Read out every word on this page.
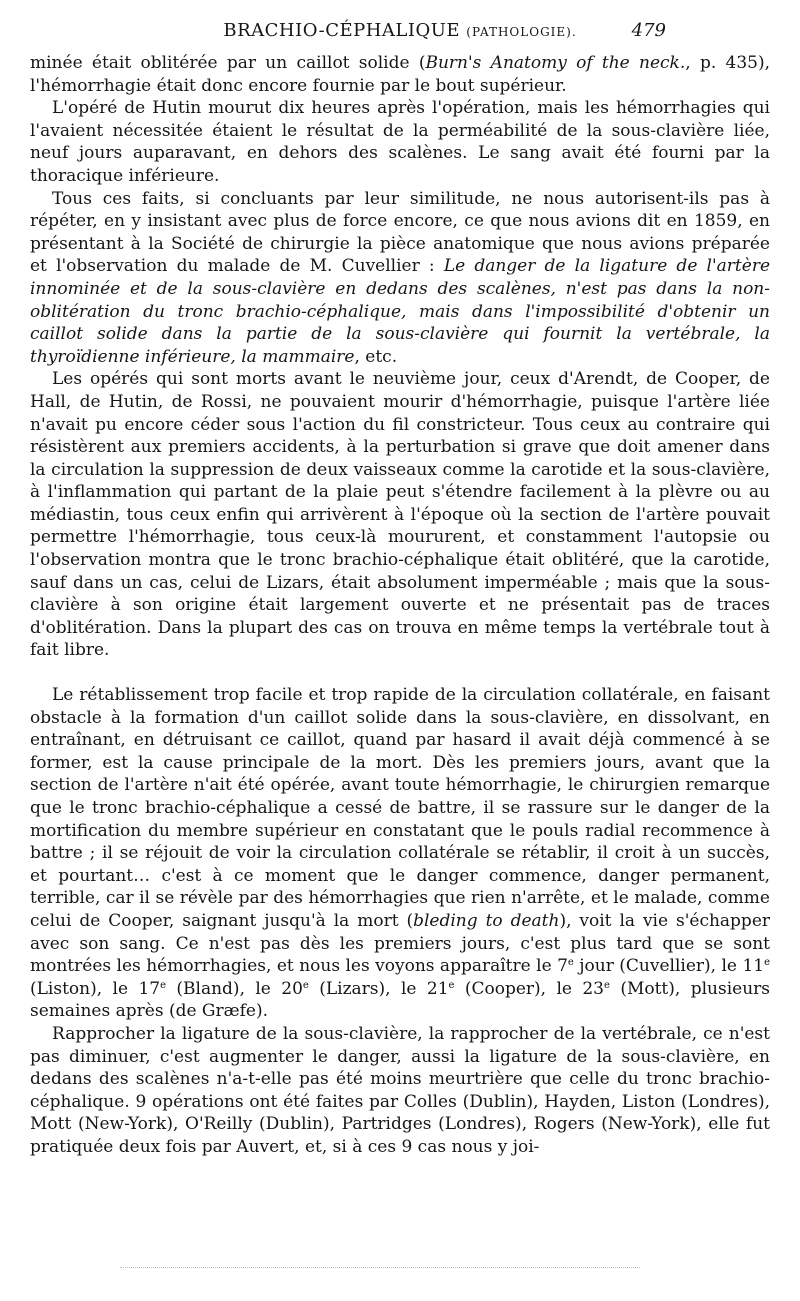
BRACHIO-CÉPHALIQUE (PATHOLOGIE).	479

minée était oblitérée par un caillot solide (Burn's Anatomy of the neck., p. 435), l'hémorrhagie était donc encore fournie par le bout supérieur.

L'opéré de Hutin mourut dix heures après l'opération, mais les hémorrhagies qui l'avaient nécessitée étaient le résultat de la perméabilité de la sous-clavière liée, neuf jours auparavant, en dehors des scalènes. Le sang avait été fourni par la thoracique inférieure.

Tous ces faits, si concluants par leur similitude, ne nous autorisent-ils pas à répéter, en y insistant avec plus de force encore, ce que nous avions dit en 1859, en présentant à la Société de chirurgie la pièce anatomique que nous avions préparée et l'observation du malade de M. Cuvellier : Le danger de la ligature de l'artère innominée et de la sous-clavière en dedans des scalènes, n'est pas dans la non-oblitération du tronc brachio-céphalique, mais dans l'impossibilité d'obtenir un caillot solide dans la partie de la sous-clavière qui fournit la vertébrale, la thyroïdienne inférieure, la mammaire, etc.

Les opérés qui sont morts avant le neuvième jour, ceux d'Arendt, de Cooper, de Hall, de Hutin, de Rossi, ne pouvaient mourir d'hémorrhagie, puisque l'artère liée n'avait pu encore céder sous l'action du fil constricteur. Tous ceux au contraire qui résistèrent aux premiers accidents, à la perturbation si grave que doit amener dans la circulation la suppression de deux vaisseaux comme la carotide et la sous-clavière, à l'inflammation qui partant de la plaie peut s'étendre facilement à la plèvre ou au médiastin, tous ceux enfin qui arrivèrent à l'époque où la section de l'artère pouvait permettre l'hémorrhagie, tous ceux-là moururent, et constamment l'autopsie ou l'observation montra que le tronc brachio-céphalique était oblitéré, que la carotide, sauf dans un cas, celui de Lizars, était absolument imperméable ; mais que la sous-clavière à son origine était largement ouverte et ne présentait pas de traces d'oblitération. Dans la plupart des cas on trouva en même temps la vertébrale tout à fait libre.

Le rétablissement trop facile et trop rapide de la circulation collatérale, en faisant obstacle à la formation d'un caillot solide dans la sous-clavière, en dissolvant, en entraînant, en détruisant ce caillot, quand par hasard il avait déjà commencé à se former, est la cause principale de la mort. Dès les premiers jours, avant que la section de l'artère n'ait été opérée, avant toute hémorrhagie, le chirurgien remarque que le tronc brachio-céphalique a cessé de battre, il se rassure sur le danger de la mortification du membre supérieur en constatant que le pouls radial recommence à battre ; il se réjouit de voir la circulation collatérale se rétablir, il croit à un succès, et pourtant… c'est à ce moment que le danger commence, danger permanent, terrible, car il se révèle par des hémorrhagies que rien n'arrête, et le malade, comme celui de Cooper, saignant jusqu'à la mort (bleding to death), voit la vie s'échapper avec son sang. Ce n'est pas dès les premiers jours, c'est plus tard que se sont montrées les hémorrhagies, et nous les voyons apparaître le 7e jour (Cuvellier), le 11e (Liston), le 17e (Bland), le 20e (Lizars), le 21e (Cooper), le 23e (Mott), plusieurs semaines après (de Græfe).

Rapprocher la ligature de la sous-clavière, la rapprocher de la vertébrale, ce n'est pas diminuer, c'est augmenter le danger, aussi la ligature de la sous-clavière, en dedans des scalènes n'a-t-elle pas été moins meurtrière que celle du tronc brachio-céphalique. 9 opérations ont été faites par Colles (Dublin), Hayden, Liston (Londres), Mott (New-York), O'Reilly (Dublin), Partridges (Londres), Rogers (New-York), elle fut pratiquée deux fois par Auvert, et, si à ces 9 cas nous y joi-
